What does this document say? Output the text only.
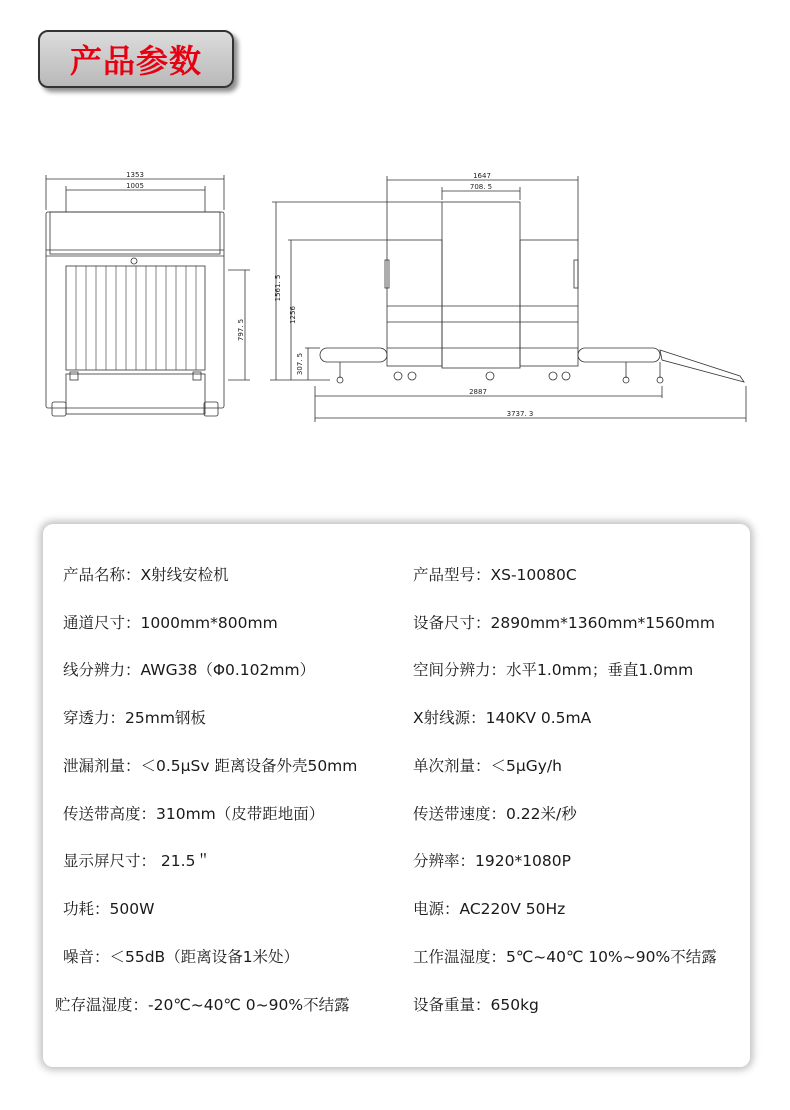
产品参数
1353
1005
797. 5
1647
708. 5
1561. 5
1256
307. 5
2887
3737. 3
产品名称：X射线安检机	产品型号：XS-10080C
通道尺寸：1000mm*800mm	设备尺寸：2890mm*1360mm*1560mm
线分辨力：AWG38（Φ0.102mm）	空间分辨力：水平1.0mm；垂直1.0mm
穿透力：25mm钢板	X射线源：140KV 0.5mA
泄漏剂量：＜0.5μSv 距离设备外壳50mm	单次剂量：＜5μGy/h
传送带高度：310mm（皮带距地面）	传送带速度：0.22米/秒
显示屏尺寸： 21.5＂	分辨率：1920*1080P
功耗：500W	电源：AC220V 50Hz
噪音：＜55dB（距离设备1米处）	工作温湿度：5℃~40℃ 10%~90%不结露
贮存温湿度：-20℃~40℃ 0~90%不结露	设备重量：650kg
